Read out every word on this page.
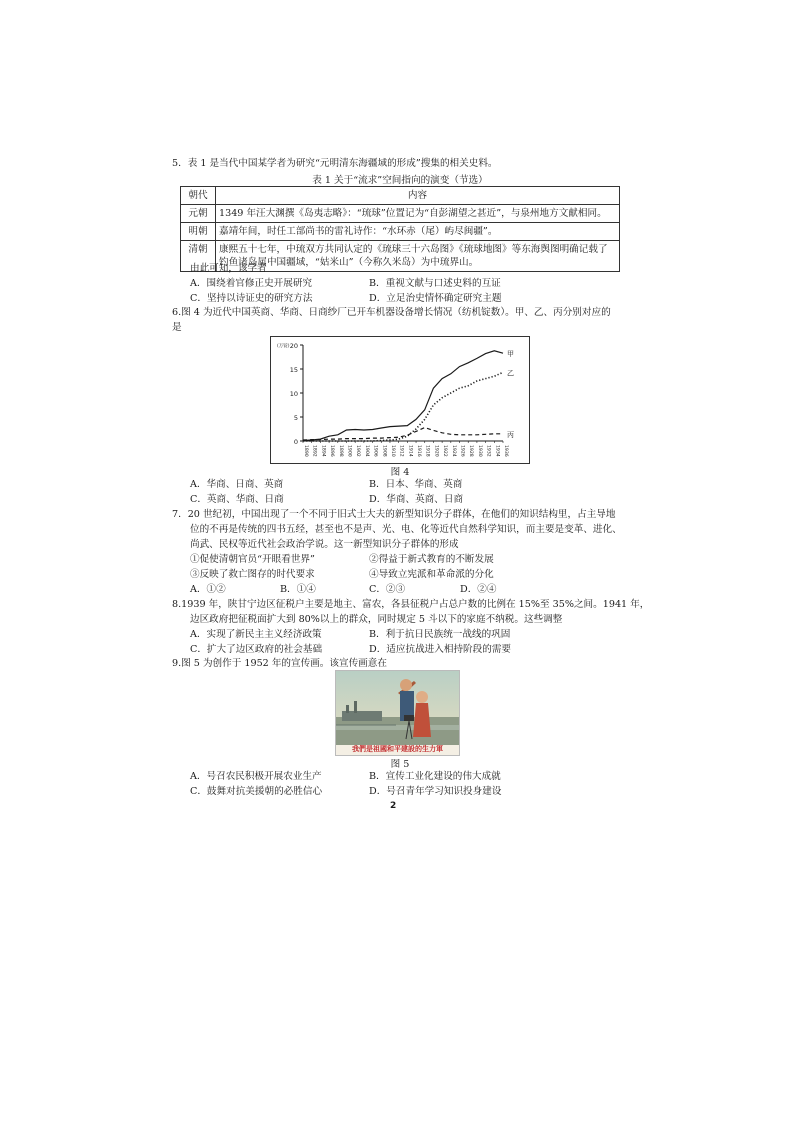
5．表 1 是当代中国某学者为研究“元明清东海疆域的形成”搜集的相关史料。
表 1 关于“流求”空间指向的演变（节选）
朝代	内容
元朝	1349 年汪大渊撰《岛夷志略》：“琉球”位置记为“自彭湖望之甚近”，与泉州地方文献相同。
明朝	嘉靖年间，时任工部尚书的雷礼诗作：“水环赤（尾）屿尽闽疆”。
清朝	康熙五十七年，中琉双方共同认定的《琉球三十六岛图》《琉球地图》等东海舆图明确记载了
钓鱼诸岛属中国疆域，“姑米山”（今称久米岛）为中琉界山。
由此可知，该学者
A．围绕着官修正史开展研究	B．重视文献与口述史料的互证
C．坚持以诗证史的研究方法	D．立足治史情怀确定研究主题
6.图 4 为近代中国英商、华商、日商纱厂已开车机器设备增长情况（纺机锭数）。甲、乙、丙分别对应的
是
0
5
10
15
20
(万锭)
1890 1892 1894 1896 1898 1900 1902 1904 1906 1908 1910 1912 1914 1916 1918 1920 1922 1924 1926 1928 1930 1932 1934 1936
甲
乙
丙
图 4
A．华商、日商、英商	B．日本、华商、英商
C．英商、华商、日商	D．华商、英商、日商
7．20 世纪初，中国出现了一个不同于旧式士大夫的新型知识分子群体，在他们的知识结构里，占主导地
位的不再是传统的四书五经，甚至也不是声、光、电、化等近代自然科学知识，而主要是变革、进化、
尚武、民权等近代社会政治学说。这一新型知识分子群体的形成
①促使清朝官员“开眼看世界”	②得益于新式教育的不断发展
③反映了救亡图存的时代要求	④导致立宪派和革命派的分化
A．①②	B．①④	C．②③	D．②④
8.1939 年，陕甘宁边区征税户主要是地主、富农，各县征税户占总户数的比例在 15%至 35%之间。1941 年，
边区政府把征税面扩大到 80%以上的群众，同时规定 5 斗以下的家庭不纳税。这些调整
A．实现了新民主主义经济政策	B．利于抗日民族统一战线的巩固
C．扩大了边区政府的社会基础	D．适应抗战进入相持阶段的需要
9.图 5 为创作于 1952 年的宣传画。该宣传画意在
我們是祖國和平建設的生力軍
图 5
A．号召农民积极开展农业生产	B．宣传工业化建设的伟大成就
C．鼓舞对抗美援朝的必胜信心	D．号召青年学习知识投身建设
2
